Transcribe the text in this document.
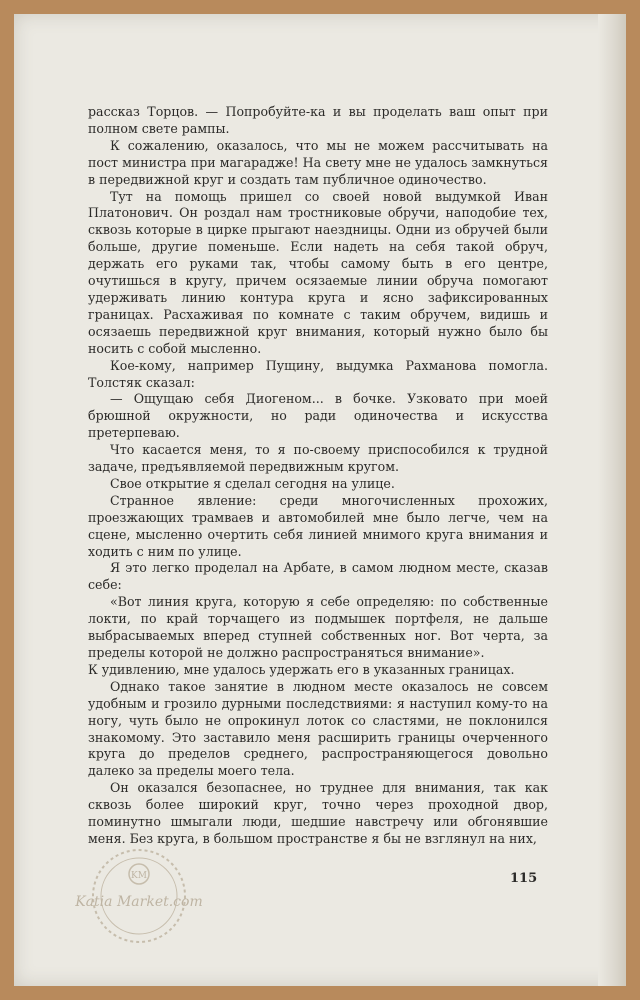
рассказ Торцов. — Попробуйте-ка и вы проделать ваш опыт при полном свете рампы.

К сожалению, оказалось, что мы не можем рассчитывать на пост министра при магарадже! На свету мне не удалось замкнуться в передвижной круг и создать там публичное одиночество.

Тут на помощь пришел со своей новой выдумкой Иван Платонович. Он роздал нам тростниковые обручи, наподобие тех, сквозь которые в цирке прыгают наездницы. Одни из обручей были больше, другие поменьше. Если надеть на себя такой обруч, держать его руками так, чтобы самому быть в его центре, очутишься в кругу, причем осязаемые линии обруча помогают удерживать линию контура круга и ясно зафиксированных границах. Расхаживая по комнате с таким обручем, видишь и осязаешь передвижной круг внимания, который нужно было бы носить с собой мысленно.

Кое-кому, например Пущину, выдумка Рахманова помогла. Толстяк сказал:

— Ощущаю себя Диогеном... в бочке. Узковато при моей брюшной окружности, но ради одиночества и искусства претерпеваю.

Что касается меня, то я по-своему приспособился к трудной задаче, предъявляемой передвижным кругом.

Свое открытие я сделал сегодня на улице.

Странное явление: среди многочисленных прохожих, проезжающих трамваев и автомобилей мне было легче, чем на сцене, мысленно очертить себя линией мнимого круга внимания и ходить с ним по улице.

Я это легко проделал на Арбате, в самом людном месте, сказав себе:

«Вот линия круга, которую я себе определяю: по собственные локти, по край торчащего из подмышек портфеля, не дальше выбрасываемых вперед ступней собственных ног. Вот черта, за пределы которой не должно распространяться внимание».

К удивлению, мне удалось удержать его в указанных границах.

Однако такое занятие в людном месте оказалось не совсем удобным и грозило дурными последствиями: я наступил кому-то на ногу, чуть было не опрокинул лоток со сластями, не поклонился знакомому. Это заставило меня расширить границы очерченного круга до пределов среднего, распространяющегося довольно далеко за пределы моего тела.

Он оказался безопаснее, но труднее для внимания, так как сквозь более широкий круг, точно через проходной двор, поминутно шмыгали люди, шедшие навстречу или обгонявшие меня. Без круга, в большом пространстве я бы не взглянул на них,

115
KM
Katia Market.com
